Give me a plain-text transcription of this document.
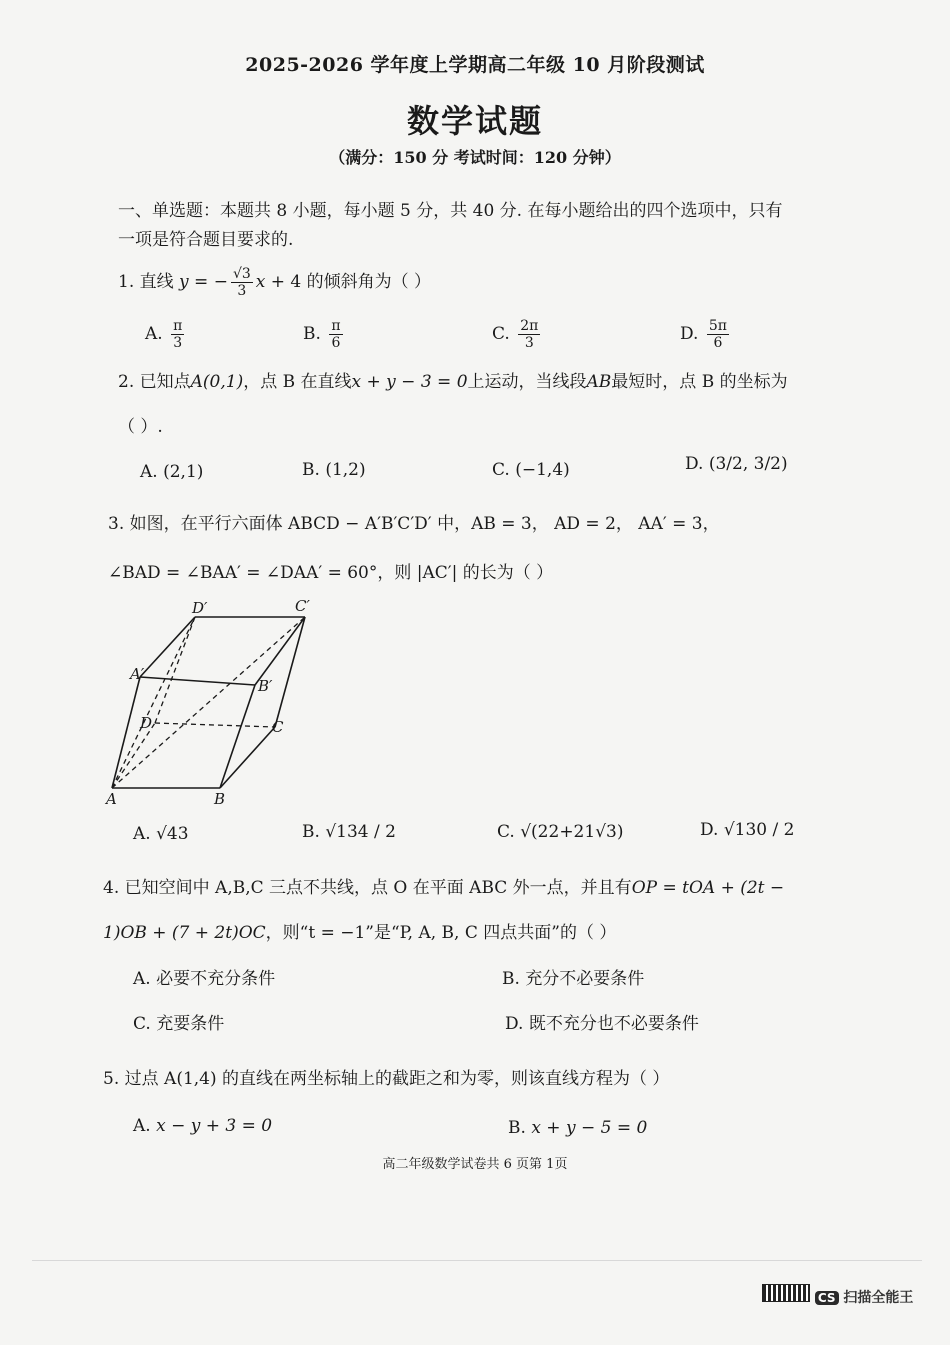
2025-2026 学年度上学期高二年级 10 月阶段测试
数学试题
（满分：150 分 考试时间：120 分钟）
一、单选题：本题共 8 小题，每小题 5 分，共 40 分. 在每小题给出的四个选项中，只有
一项是符合题目要求的.
1. 直线 y = − $\frac{√3}{3}$ x + 4 的倾斜角为（ ）
A. $\frac{\pi}{3}$	B. $\frac{\pi}{6}$	C. $\frac{2\pi}{3}$	D. $\frac{5\pi}{6}$
2. 已知点A(0,1)，点 B 在直线x + y − 3 = 0上运动，当线段AB最短时，点 B 的坐标为
（ ）.
A. (2,1)	B. (1,2)	C. (−1,4)	D. (3/2, 3/2)
3. 如图，在平行六面体 ABCD − A′B′C′D′ 中，AB = 3， AD = 2， AA′ = 3，
∠BAD = ∠BAA′ = ∠DAA′ = 60°，则 |AC′| 的长为（ ）
D′	C′
A′
B′
D	C
A	B
A. √43	B. √134 / 2	C. √(22+21√3)	D. √130 / 2
4. 已知空间中 A,B,C 三点不共线，点 O 在平面 ABC 外一点，并且有OP = tOA + (2t −
1)OB + (7 + 2t)OC，则“t = −1”是“P, A, B, C 四点共面”的（ ）
A. 必要不充分条件	B. 充分不必要条件
C. 充要条件	D. 既不充分也不必要条件
5. 过点 A(1,4) 的直线在两坐标轴上的截距之和为零，则该直线方程为（ ）
A. x − y + 3 = 0	B. x + y − 5 = 0
高二年级数学试卷共 6 页第 1页
CS 扫描全能王
